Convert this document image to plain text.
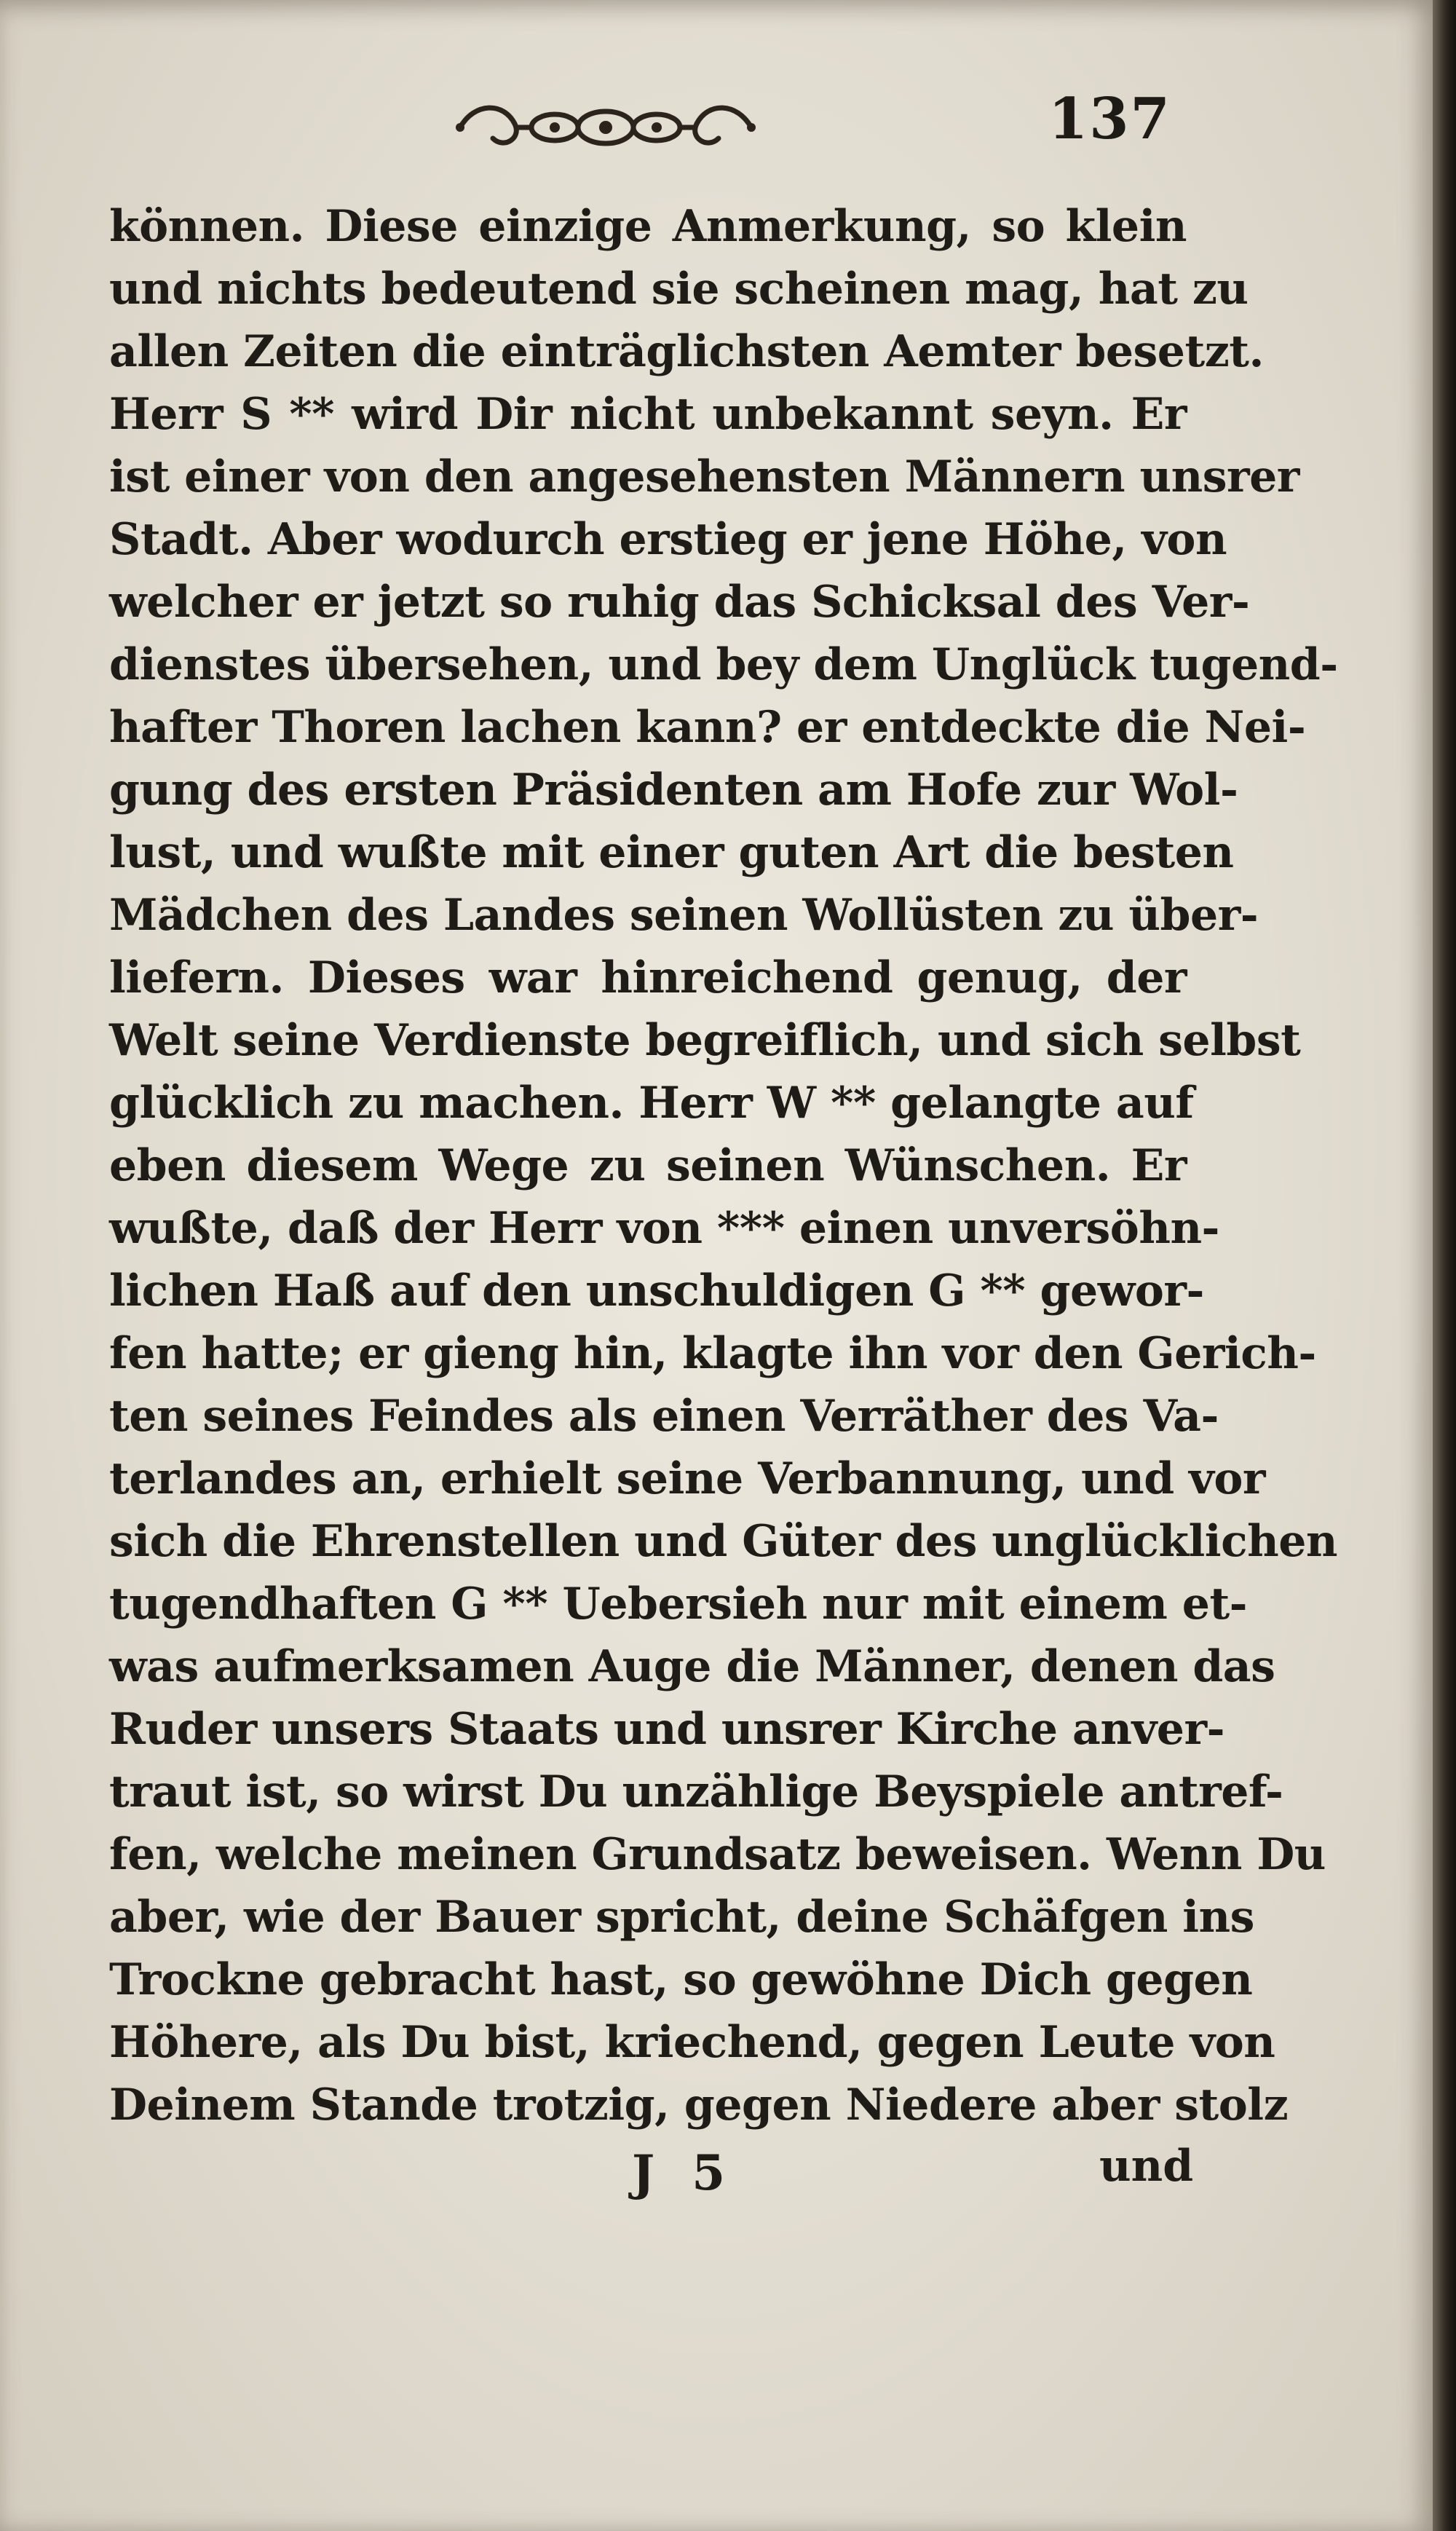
137
können. Diese einzige Anmerkung, so klein
und nichts bedeutend sie scheinen mag, hat zu
allen Zeiten die einträglichsten Aemter besetzt.
Herr S ** wird Dir nicht unbekannt seyn. Er
ist einer von den angesehensten Männern unsrer
Stadt. Aber wodurch erstieg er jene Höhe, von
welcher er jetzt so ruhig das Schicksal des Ver-
dienstes übersehen, und bey dem Unglück tugend-
hafter Thoren lachen kann? er entdeckte die Nei-
gung des ersten Präsidenten am Hofe zur Wol-
lust, und wußte mit einer guten Art die besten
Mädchen des Landes seinen Wollüsten zu über-
liefern. Dieses war hinreichend genug, der
Welt seine Verdienste begreiflich, und sich selbst
glücklich zu machen. Herr W ** gelangte auf
eben diesem Wege zu seinen Wünschen. Er
wußte, daß der Herr von *** einen unversöhn-
lichen Haß auf den unschuldigen G ** gewor-
fen hatte; er gieng hin, klagte ihn vor den Gerich-
ten seines Feindes als einen Verräther des Va-
terlandes an, erhielt seine Verbannung, und vor
sich die Ehrenstellen und Güter des unglücklichen
tugendhaften G ** Uebersieh nur mit einem et-
was aufmerksamen Auge die Männer, denen das
Ruder unsers Staats und unsrer Kirche anver-
traut ist, so wirst Du unzählige Beyspiele antref-
fen, welche meinen Grundsatz beweisen. Wenn Du
aber, wie der Bauer spricht, deine Schäfgen ins
Trockne gebracht hast, so gewöhne Dich gegen
Höhere, als Du bist, kriechend, gegen Leute von
Deinem Stande trotzig, gegen Niedere aber stolz
J 5	und
